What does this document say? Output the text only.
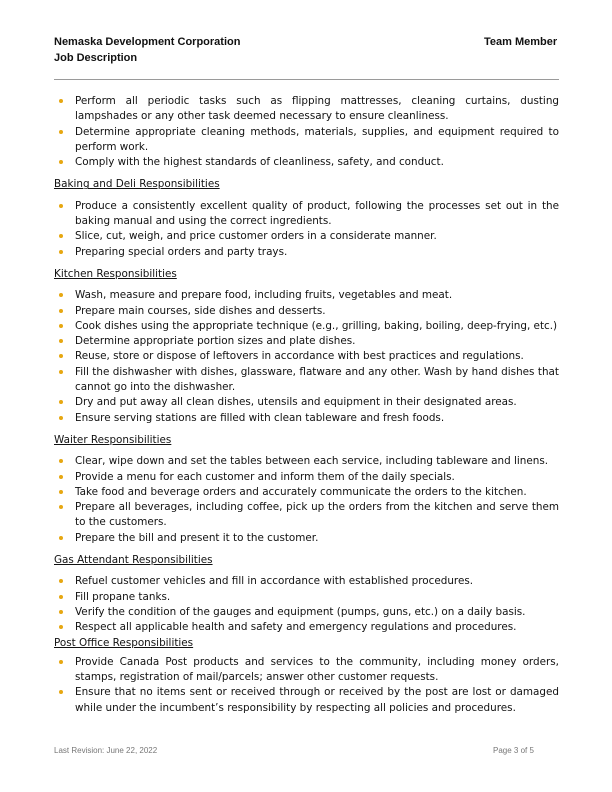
Nemaska Development Corporation
Job Description
Team Member
Perform all periodic tasks such as flipping mattresses, cleaning curtains, dusting lampshades or any other task deemed necessary to ensure cleanliness.
Determine appropriate cleaning methods, materials, supplies, and equipment required to perform work.
Comply with the highest standards of cleanliness, safety, and conduct.
Baking and Deli Responsibilities
Produce a consistently excellent quality of product, following the processes set out in the baking manual and using the correct ingredients.
Slice, cut, weigh, and price customer orders in a considerate manner.
Preparing special orders and party trays.
Kitchen Responsibilities
Wash, measure and prepare food, including fruits, vegetables and meat.
Prepare main courses, side dishes and desserts.
Cook dishes using the appropriate technique (e.g., grilling, baking, boiling, deep-frying, etc.)
Determine appropriate portion sizes and plate dishes.
Reuse, store or dispose of leftovers in accordance with best practices and regulations.
Fill the dishwasher with dishes, glassware, flatware and any other. Wash by hand dishes that cannot go into the dishwasher.
Dry and put away all clean dishes, utensils and equipment in their designated areas.
Ensure serving stations are filled with clean tableware and fresh foods.
Waiter Responsibilities
Clear, wipe down and set the tables between each service, including tableware and linens.
Provide a menu for each customer and inform them of the daily specials.
Take food and beverage orders and accurately communicate the orders to the kitchen.
Prepare all beverages, including coffee, pick up the orders from the kitchen and serve them to the customers.
Prepare the bill and present it to the customer.
Gas Attendant Responsibilities
Refuel customer vehicles and fill in accordance with established procedures.
Fill propane tanks.
Verify the condition of the gauges and equipment (pumps, guns, etc.) on a daily basis.
Respect all applicable health and safety and emergency regulations and procedures.
Post Office Responsibilities
Provide Canada Post products and services to the community, including money orders, stamps, registration of mail/parcels; answer other customer requests.
Ensure that no items sent or received through or received by the post are lost or damaged while under the incumbent’s responsibility by respecting all policies and procedures.
Last Revision: June 22, 2022	Page 3 of 5
